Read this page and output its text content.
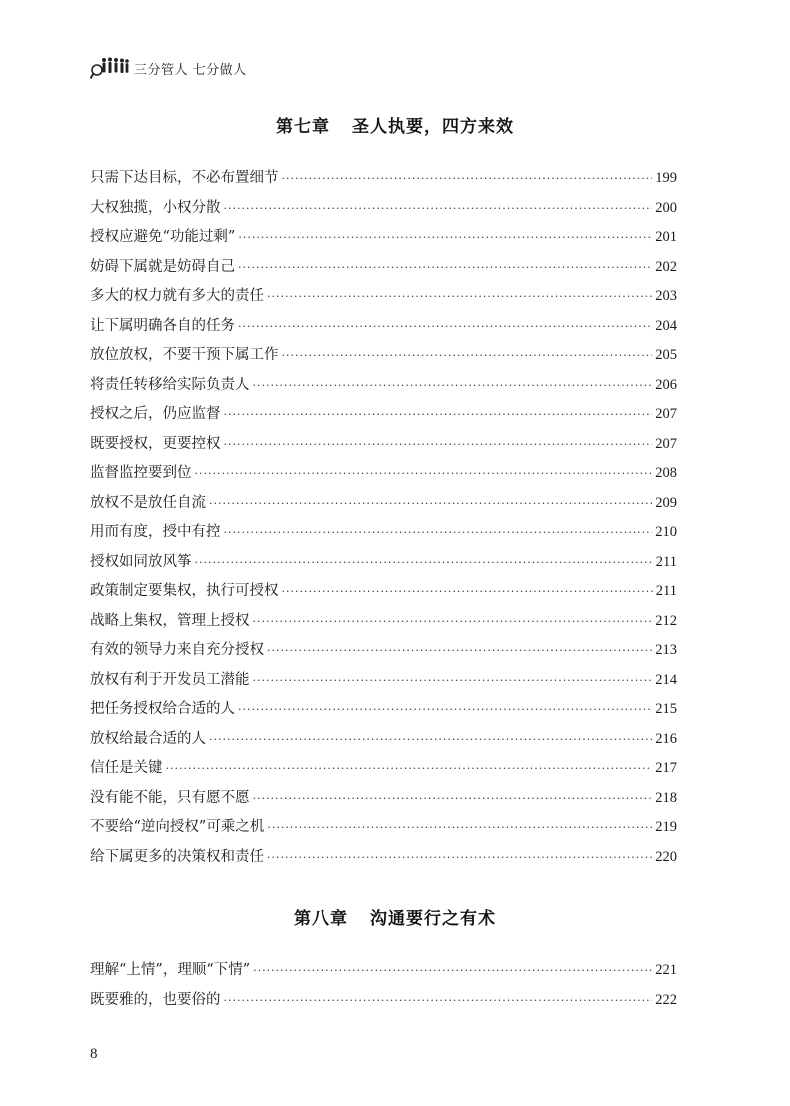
三分管人 七分做人
第七章 圣人执要，四方来效
只需下达目标，不必布置细节 ·····	199
大权独揽，小权分散 ·····	200
授权应避免“功能过剩” ·····	201
妨碍下属就是妨碍自己 ·····	202
多大的权力就有多大的责任 ·····	203
让下属明确各自的任务 ·····	204
放位放权，不要干预下属工作 ·····	205
将责任转移给实际负责人 ·····	206
授权之后，仍应监督 ·····	207
既要授权，更要控权 ·····	207
监督监控要到位 ·····	208
放权不是放任自流 ·····	209
用而有度，授中有控 ·····	210
授权如同放风筝 ·····	211
政策制定要集权，执行可授权 ·····	211
战略上集权，管理上授权 ·····	212
有效的领导力来自充分授权 ·····	213
放权有利于开发员工潜能 ·····	214
把任务授权给合适的人 ·····	215
放权给最合适的人 ·····	216
信任是关键 ·····	217
没有能不能，只有愿不愿 ·····	218
不要给“逆向授权”可乘之机 ·····	219
给下属更多的决策权和责任 ·····	220
第八章 沟通要行之有术
理解“上情”，理顺“下情” ·····	221
既要雅的，也要俗的 ·····	222
8
